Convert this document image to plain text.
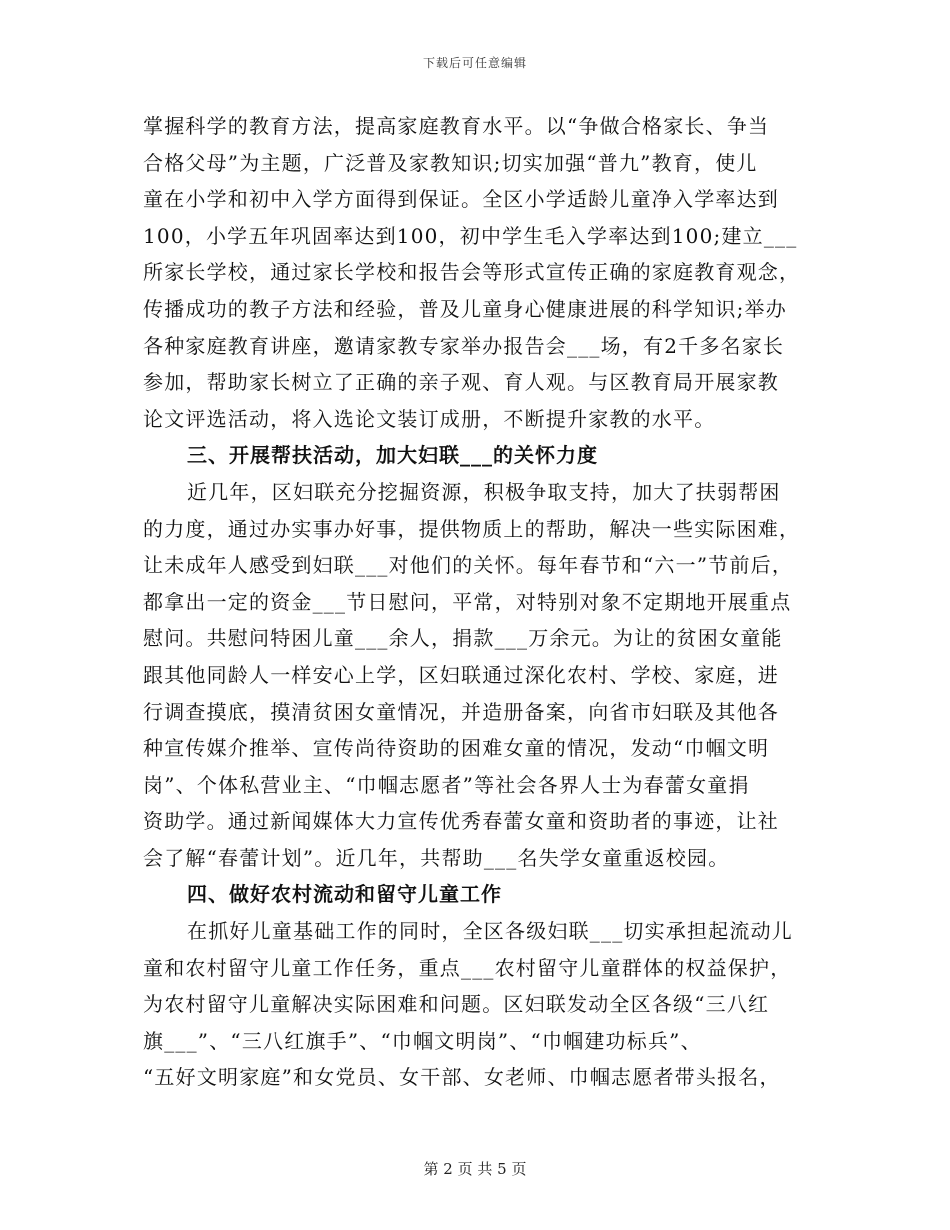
下载后可任意编辑
掌握科学的教育方法，提高家庭教育水平。以“争做合格家长、争当
合格父母”为主题，广泛普及家教知识;切实加强“普九”教育，使儿
童在小学和初中入学方面得到保证。全区小学适龄儿童净入学率达到
100，小学五年巩固率达到100，初中学生毛入学率达到100;建立___
所家长学校，通过家长学校和报告会等形式宣传正确的家庭教育观念，
传播成功的教子方法和经验，普及儿童身心健康进展的科学知识;举办
各种家庭教育讲座，邀请家教专家举办报告会___场，有2千多名家长
参加，帮助家长树立了正确的亲子观、育人观。与区教育局开展家教
论文评选活动，将入选论文装订成册，不断提升家教的水平。
三、开展帮扶活动，加大妇联___的关怀力度
近几年，区妇联充分挖掘资源，积极争取支持，加大了扶弱帮困
的力度，通过办实事办好事，提供物质上的帮助，解决一些实际困难，
让未成年人感受到妇联___对他们的关怀。每年春节和“六一”节前后，
都拿出一定的资金___节日慰问，平常，对特别对象不定期地开展重点
慰问。共慰问特困儿童___余人，捐款___万余元。为让的贫困女童能
跟其他同龄人一样安心上学，区妇联通过深化农村、学校、家庭，进
行调查摸底，摸清贫困女童情况，并造册备案，向省市妇联及其他各
种宣传媒介推举、宣传尚待资助的困难女童的情况，发动“巾帼文明
岗”、个体私营业主、“巾帼志愿者”等社会各界人士为春蕾女童捐
资助学。通过新闻媒体大力宣传优秀春蕾女童和资助者的事迹，让社
会了解“春蕾计划”。近几年，共帮助___名失学女童重返校园。
四、做好农村流动和留守儿童工作
在抓好儿童基础工作的同时，全区各级妇联___切实承担起流动儿
童和农村留守儿童工作任务，重点___农村留守儿童群体的权益保护，
为农村留守儿童解决实际困难和问题。区妇联发动全区各级“三八红
旗___”、“三八红旗手”、“巾帼文明岗”、“巾帼建功标兵”、
“五好文明家庭”和女党员、女干部、女老师、巾帼志愿者带头报名，
第 2 页 共 5 页
